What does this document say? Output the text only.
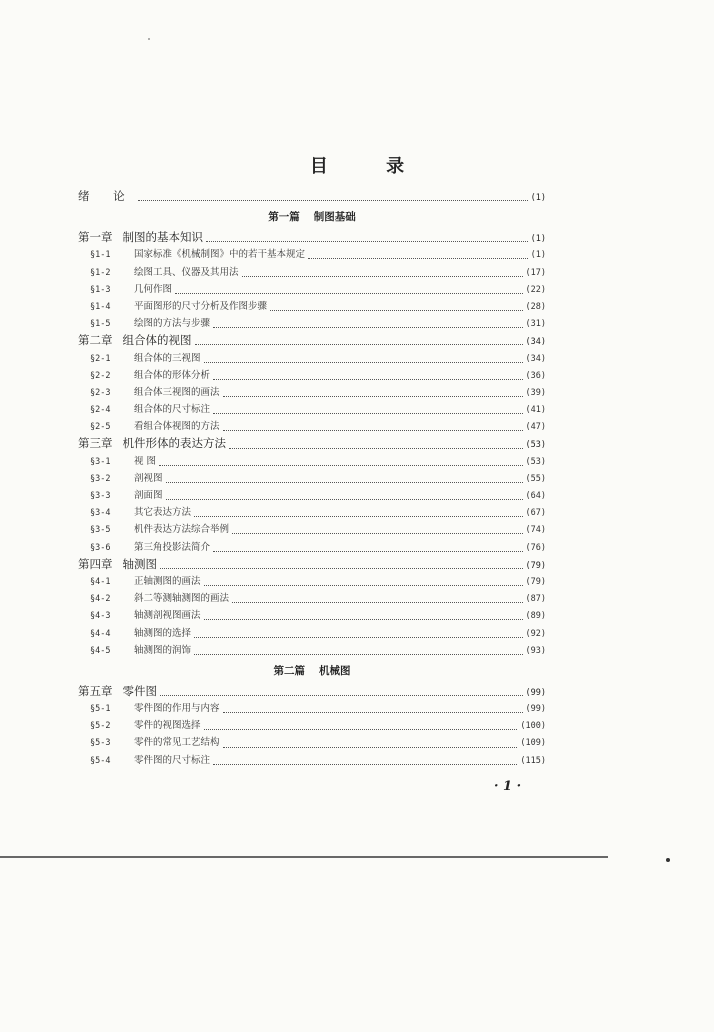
目 录
绪 论	(1)
第一篇 制图基础
第一章 制图的基本知识	(1)
§1-1	国家标准《机械制图》中的若干基本规定	(1)
§1-2	绘图工具、仪器及其用法	(17)
§1-3	几何作图	(22)
§1-4	平面图形的尺寸分析及作图步骤	(28)
§1-5	绘图的方法与步骤	(31)
第二章 组合体的视图	(34)
§2-1	组合体的三视图	(34)
§2-2	组合体的形体分析	(36)
§2-3	组合体三视图的画法	(39)
§2-4	组合体的尺寸标注	(41)
§2-5	看组合体视图的方法	(47)
第三章 机件形体的表达方法	(53)
§3-1	视 图	(53)
§3-2	剖视图	(55)
§3-3	剖面图	(64)
§3-4	其它表达方法	(67)
§3-5	机件表达方法综合举例	(74)
§3-6	第三角投影法简介	(76)
第四章 轴测图	(79)
§4-1	正轴测图的画法	(79)
§4-2	斜二等测轴测图的画法	(87)
§4-3	轴测剖视图画法	(89)
§4-4	轴测图的选择	(92)
§4-5	轴测图的润饰	(93)
第二篇 机械图
第五章 零件图	(99)
§5-1	零件图的作用与内容	(99)
§5-2	零件的视图选择	(100)
§5-3	零件的常见工艺结构	(109)
§5-4	零件图的尺寸标注	(115)
· 1 ·
